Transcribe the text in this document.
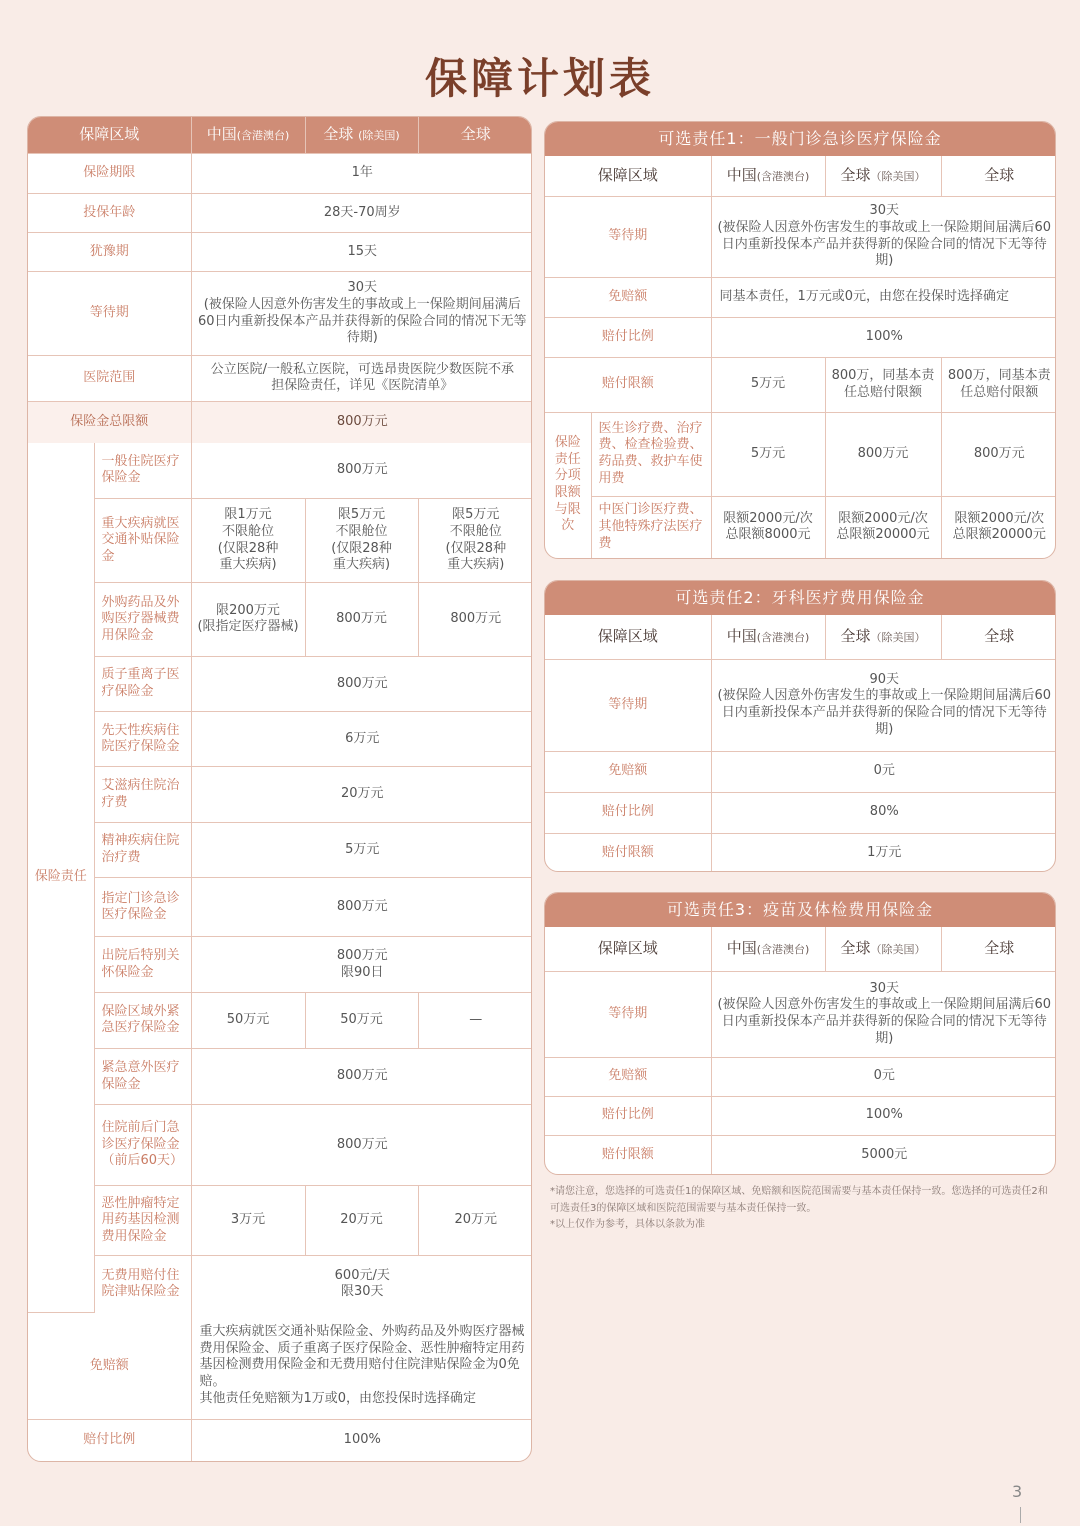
保障计划表
保障区域		中国(含港澳台)	全球 (除美国)	全球
保险期限		1年		
投保年龄		28天-70周岁		
犹豫期		15天		
等待期		30天
(被保险人因意外伤害发生的事故或上一保险期间届满后60日内重新投保本产品并获得新的保险合同的情况下无等待期)		

医院范围		公立医院/一般私立医院，可选昂贵医院少数医院不承担保险责任，详见《医院清单》		
保险金总限额		800万元		
保险责任	一般住院医疗保险金	800万元		
	重大疾病就医交通补贴保险金	限1万元
不限舱位
(仅限28种
重大疾病)	限5万元
不限舱位
(仅限28种
重大疾病)	限5万元
不限舱位
(仅限28种
重大疾病)
	外购药品及外购医疗器械费用保险金	限200万元
(限指定医疗器械)	800万元	800万元
	质子重离子医疗保险金	800万元		
	先天性疾病住院医疗保险金	6万元		
	艾滋病住院治疗费	20万元		
	精神疾病住院治疗费	5万元		
	指定门诊急诊医疗保险金	800万元		
	出院后特别关怀保险金	800万元
限90日		
	保险区域外紧急医疗保险金	50万元	50万元	—
	紧急意外医疗保险金	800万元		
	住院前后门急诊医疗保险金（前后60天）	800万元		
	恶性肿瘤特定用药基因检测费用保险金	3万元	20万元	20万元
	无费用赔付住院津贴保险金	600元/天
限30天		
免赔额		重大疾病就医交通补贴保险金、外购药品及外购医疗器械费用保险金、质子重离子医疗保险金、恶性肿瘤特定用药基因检测费用保险金和无费用赔付住院津贴保险金为0免赔。
其他责任免赔额为1万或0，由您投保时选择确定		
赔付比例		100%		
可选责任1：一般门诊急诊医疗保险金
保障区域		中国(含港澳台)	全球（除美国）	全球
等待期		30天
(被保险人因意外伤害发生的事故或上一保险期间届满后60日内重新投保本产品并获得新的保险合同的情况下无等待期)		

免赔额		同基本责任，1万元或0元，由您在投保时选择确定		
赔付比例		100%		
赔付限额		5万元	800万，同基本责任总赔付限额	800万，同基本责任总赔付限额
保险责任分项限额与限次	医生诊疗费、治疗费、检查检验费、药品费、救护车使用费	5万元	800万元	800万元
	中医门诊医疗费、其他特殊疗法医疗费	限额2000元/次
总限额8000元	限额2000元/次
总限额20000元	限额2000元/次
总限额20000元
可选责任2：牙科医疗费用保险金
保障区域	中国(含港澳台)	全球（除美国）	全球
等待期	90天
(被保险人因意外伤害发生的事故或上一保险期间届满后60日内重新投保本产品并获得新的保险合同的情况下无等待期)		

免赔额	0元		
赔付比例	80%		
赔付限额	1万元		
可选责任3：疫苗及体检费用保险金
保障区域	中国(含港澳台)	全球（除美国）	全球
等待期	30天
(被保险人因意外伤害发生的事故或上一保险期间届满后60日内重新投保本产品并获得新的保险合同的情况下无等待期)		

免赔额	0元		
赔付比例	100%		
赔付限额	5000元		
*请您注意，您选择的可选责任1的保障区域、免赔额和医院范围需要与基本责任保持一致。您选择的可选责任2和可选责任3的保障区域和医院范围需要与基本责任保持一致。
*以上仅作为参考，具体以条款为准
3
